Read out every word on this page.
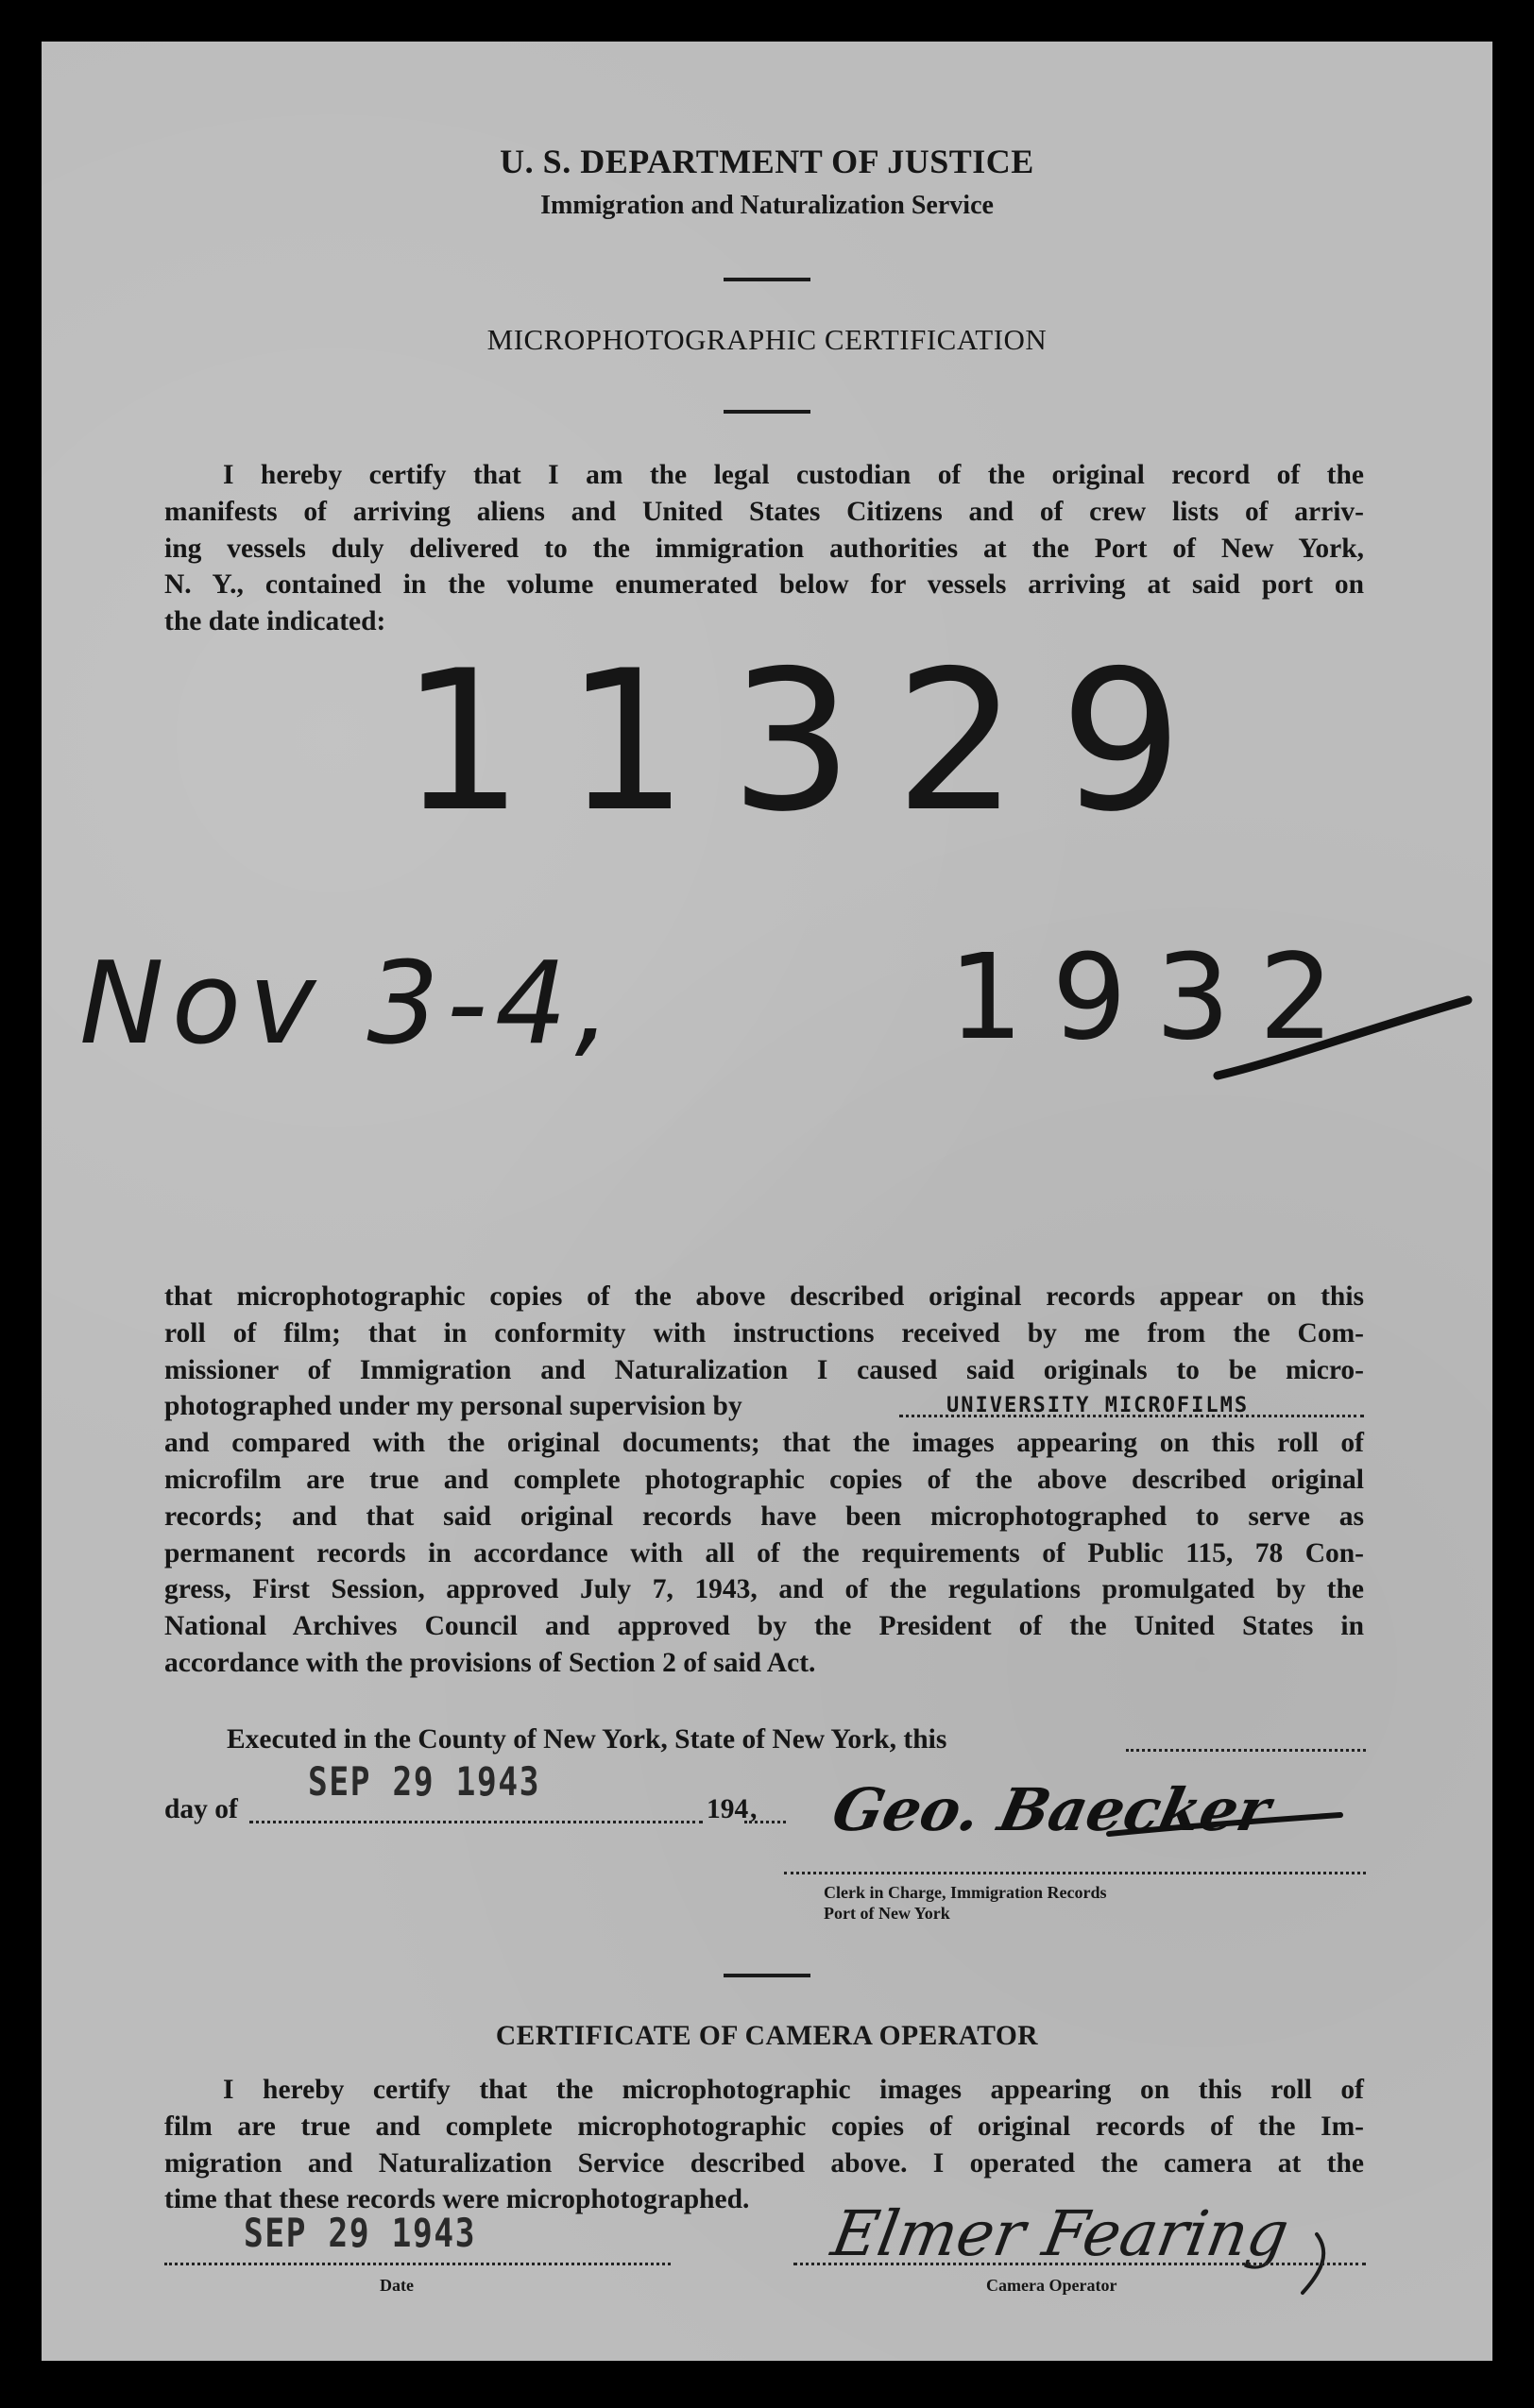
U. S. DEPARTMENT OF JUSTICE
Immigration and Naturalization Service
MICROPHOTOGRAPHIC CERTIFICATION
I hereby certify that I am the legal custodian of the original record of the
manifests of arriving aliens and United States Citizens and of crew lists of arriv-
ing vessels duly delivered to the immigration authorities at the Port of New York,
N. Y., contained in the volume enumerated below for vessels arriving at said port on
the date indicated:
11329
Nov 3-4,	1932
that microphotographic copies of the above described original records appear on this
roll of film; that in conformity with instructions received by me from the Com-
missioner of Immigration and Naturalization I caused said originals to be micro-
photographed under my personal supervision by	UNIVERSITY MICROFILMS
and compared with the original documents; that the images appearing on this roll of
microfilm are true and complete photographic copies of the above described original
records; and that said original records have been microphotographed to serve as
permanent records in accordance with all of the requirements of Public 115, 78 Con-
gress, First Session, approved July 7, 1943, and of the regulations promulgated by the
National Archives Council and approved by the President of the United States in
accordance with the provisions of Section 2 of said Act.
Executed in the County of New York, State of New York, this
day of
SEP 29 1943
194 , Geo. Baecker
Clerk in Charge, Immigration Records
Port of New York
CERTIFICATE OF CAMERA OPERATOR
I hereby certify that the microphotographic images appearing on this roll of
film are true and complete microphotographic copies of original records of the Im-
migration and Naturalization Service described above. I operated the camera at the
time that these records were microphotographed.
SEP 29 1943
Date
Elmer Fearing
Camera Operator
